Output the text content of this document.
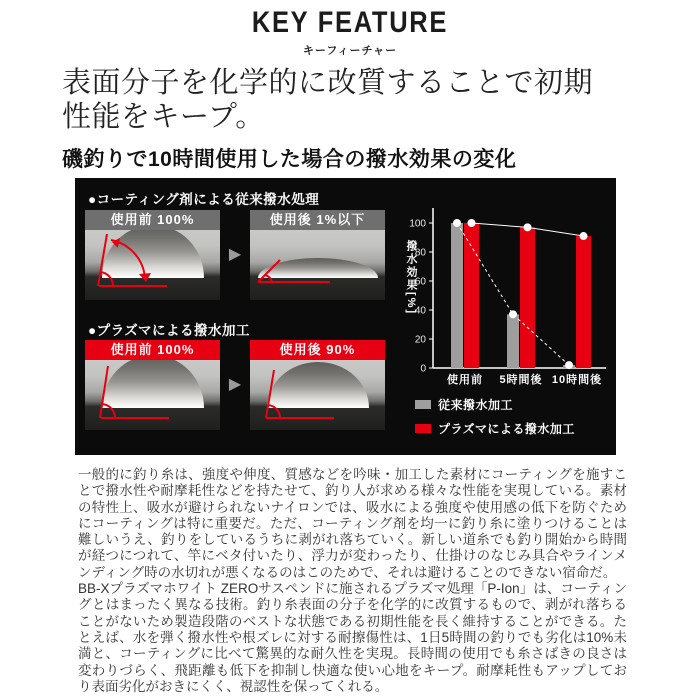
KEY FEATURE
キーフィーチャー
表面分子を化学的に改質することで初期
性能をキープ。
磯釣りで10時間使用した場合の撥水効果の変化
●コーティング剤による従来撥水処理
使用前 100%
▶
使用後 1%以下
●プラズマによる撥水加工
使用前 100%
▶
使用後 90%
撥水効果[%]
0
20
40
60
80
100
使用前 5時間後 10時間後
従来撥水加工
プラズマによる撥水加工

一般的に釣り糸は、強度や伸度、質感などを吟味・加工した素材にコーティングを施すことで撥水性や耐摩耗性などを持たせて、釣り人が求める様々な性能を実現している。素材の特性上、吸水が避けられないナイロンでは、吸水による強度や使用感の低下を防ぐためにコーティングは特に重要だ。ただ、コーティング剤を均一に釣り糸に塗りつけることは難しいうえ、釣りをしているうちに剥がれ落ちていく。新しい道糸でも釣り開始から時間が経つにつれて、竿にベタ付いたり、浮力が変わったり、仕掛けのなじみ具合やラインメンディング時の水切れが悪くなるのはこのためで、それは避けることのできない宿命だ。

BB-Xプラズマホワイト ZEROサスペンドに施されるプラズマ処理「P-Ion」は、コーティングとはまったく異なる技術。釣り糸表面の分子を化学的に改質するもので、剥がれ落ちることがないため製造段階のベストな状態である初期性能を長く維持することができる。たとえば、水を弾く撥水性や根ズレに対する耐擦傷性は、1日5時間の釣りでも劣化は10%未満と、コーティングに比べて驚異的な耐久性を実現。長時間の使用でも糸さばきの良さは変わりづらく、飛距離も低下を抑制し快適な使い心地をキープ。耐摩耗性もアップしており表面劣化がおきにくく、視認性を保ってくれる。
